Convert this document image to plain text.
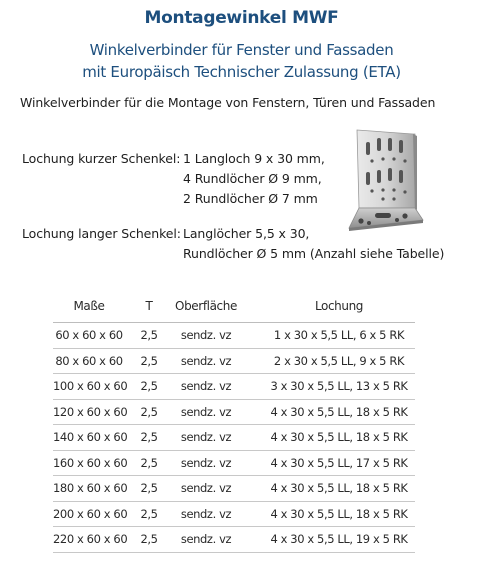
Montagewinkel MWF
Winkelverbinder für Fenster und Fassaden
mit Europäisch Technischer Zulassung (ETA)
Winkelverbinder für die Montage von Fenstern, Türen und Fassaden
Lochung kurzer Schenkel: 1 Langloch 9 x 30 mm,
4 Rundlöcher Ø 9 mm,
2 Rundlöcher Ø 7 mm
Lochung langer Schenkel: Langlöcher 5,5 x 30,
Rundlöcher Ø 5 mm (Anzahl siehe Tabelle)
Maße	T	Oberfläche	Lochung
60 x 60 x 60	2,5	sendz. vz	1 x 30 x 5,5 LL, 6 x 5 RK
80 x 60 x 60	2,5	sendz. vz	2 x 30 x 5,5 LL, 9 x 5 RK
100 x 60 x 60	2,5	sendz. vz	3 x 30 x 5,5 LL, 13 x 5 RK
120 x 60 x 60	2,5	sendz. vz	4 x 30 x 5,5 LL, 18 x 5 RK
140 x 60 x 60	2,5	sendz. vz	4 x 30 x 5,5 LL, 18 x 5 RK
160 x 60 x 60	2,5	sendz. vz	4 x 30 x 5,5 LL, 17 x 5 RK
180 x 60 x 60	2,5	sendz. vz	4 x 30 x 5,5 LL, 18 x 5 RK
200 x 60 x 60	2,5	sendz. vz	4 x 30 x 5,5 LL, 18 x 5 RK
220 x 60 x 60	2,5	sendz. vz	4 x 30 x 5,5 LL, 19 x 5 RK
